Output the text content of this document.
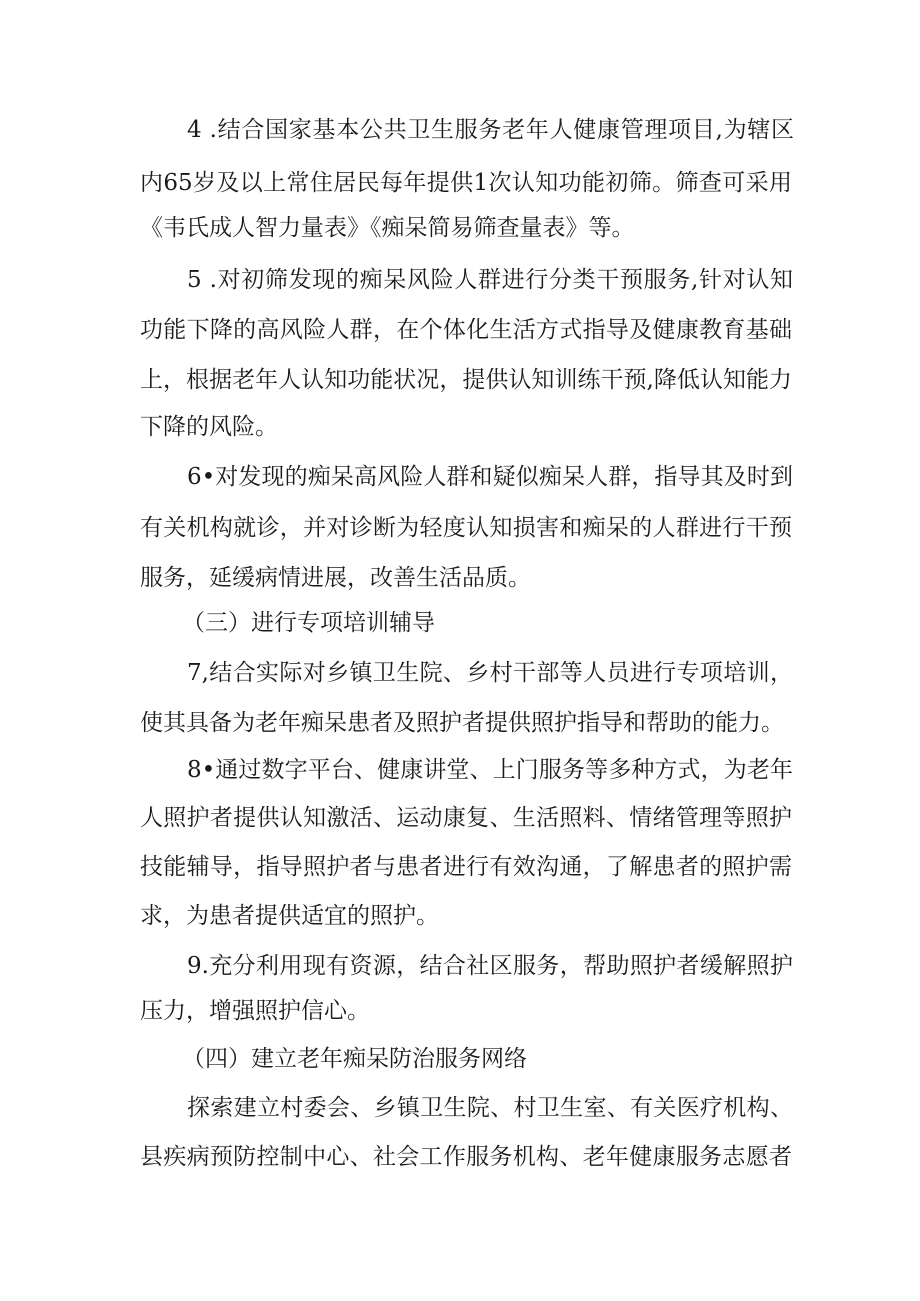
4 .结合国家基本公共卫生服务老年人健康管理项目,为辖区

内65岁及以上常住居民每年提供1次认知功能初筛。筛查可采用

《韦氏成人智力量表》《痴呆简易筛查量表》等。

5 .对初筛发现的痴呆风险人群进行分类干预服务,针对认知

功能下降的高风险人群，在个体化生活方式指导及健康教育基础

上，根据老年人认知功能状况，提供认知训练干预,降低认知能力

下降的风险。

6•对发现的痴呆高风险人群和疑似痴呆人群，指导其及时到

有关机构就诊，并对诊断为轻度认知损害和痴呆的人群进行干预

服务，延缓病情进展，改善生活品质。

（三）进行专项培训辅导

7,结合实际对乡镇卫生院、乡村干部等人员进行专项培训，

使其具备为老年痴呆患者及照护者提供照护指导和帮助的能力。

8•通过数字平台、健康讲堂、上门服务等多种方式，为老年

人照护者提供认知激活、运动康复、生活照料、情绪管理等照护

技能辅导，指导照护者与患者进行有效沟通，了解患者的照护需

求，为患者提供适宜的照护。

9.充分利用现有资源，结合社区服务，帮助照护者缓解照护

压力，增强照护信心。

（四）建立老年痴呆防治服务网络

探索建立村委会、乡镇卫生院、村卫生室、有关医疗机构、

县疾病预防控制中心、社会工作服务机构、老年健康服务志愿者
